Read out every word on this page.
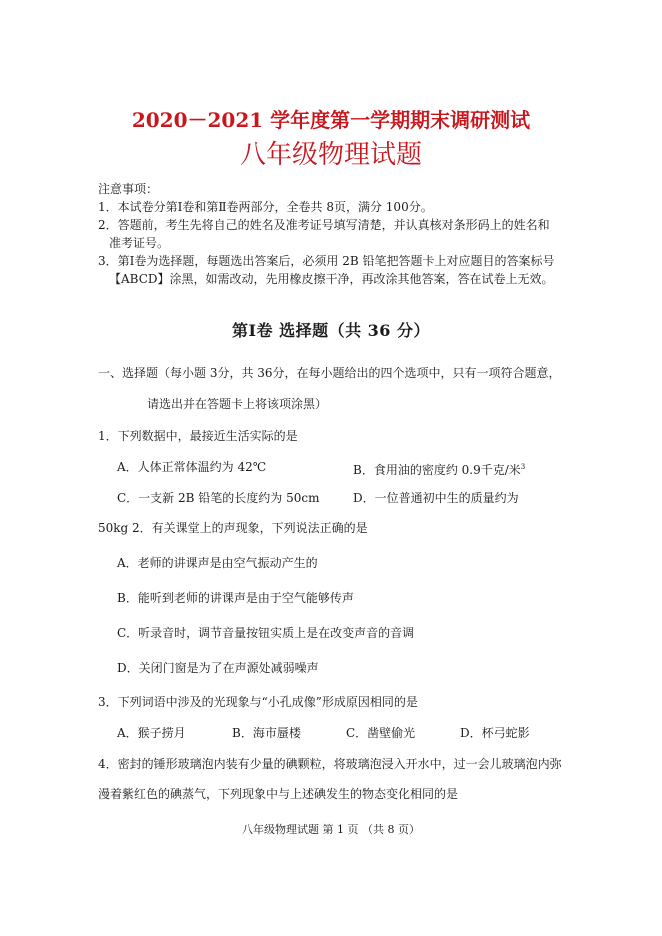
2020－2021 学年度第一学期期末调研测试
八年级物理试题
注意事项：
1．本试卷分第Ⅰ卷和第Ⅱ卷两部分，全卷共 8页，满分 100分。
2．答题前，考生先将自己的姓名及准考证号填写清楚，并认真核对条形码上的姓名和
准考证号。
3．第Ⅰ卷为选择题，每题选出答案后，必须用 2B 铅笔把答题卡上对应题目的答案标号
【ABCD】涂黑，如需改动，先用橡皮擦干净，再改涂其他答案，答在试卷上无效。
第Ⅰ卷 选择题（共 36 分）
一、选择题（每小题 3分，共 36分，在每小题给出的四个选项中，只有一项符合题意，
请选出并在答题卡上将该项涂黑）
1．下列数据中，最接近生活实际的是
A．人体正常体温约为 42℃	B．食用油的密度约 0.9千克/米$^3$
C．一支新 2B 铅笔的长度约为 50cm	D．一位普通初中生的质量约为
50kg 2．有关课堂上的声现象，下列说法正确的是
A．老师的讲课声是由空气振动产生的
B．能听到老师的讲课声是由于空气能够传声
C．听录音时，调节音量按钮实质上是在改变声音的音调
D．关闭门窗是为了在声源处减弱噪声
3．下列词语中涉及的光现象与“小孔成像”形成原因相同的是
A．猴子捞月	B．海市蜃楼	C．凿壁偷光	D．杯弓蛇影
4．密封的锤形玻璃泡内装有少量的碘颗粒，将玻璃泡浸入开水中，过一会儿玻璃泡内弥
漫着紫红色的碘蒸气，下列现象中与上述碘发生的物态变化相同的是
八年级物理试题 第 1 页 （共 8 页）
